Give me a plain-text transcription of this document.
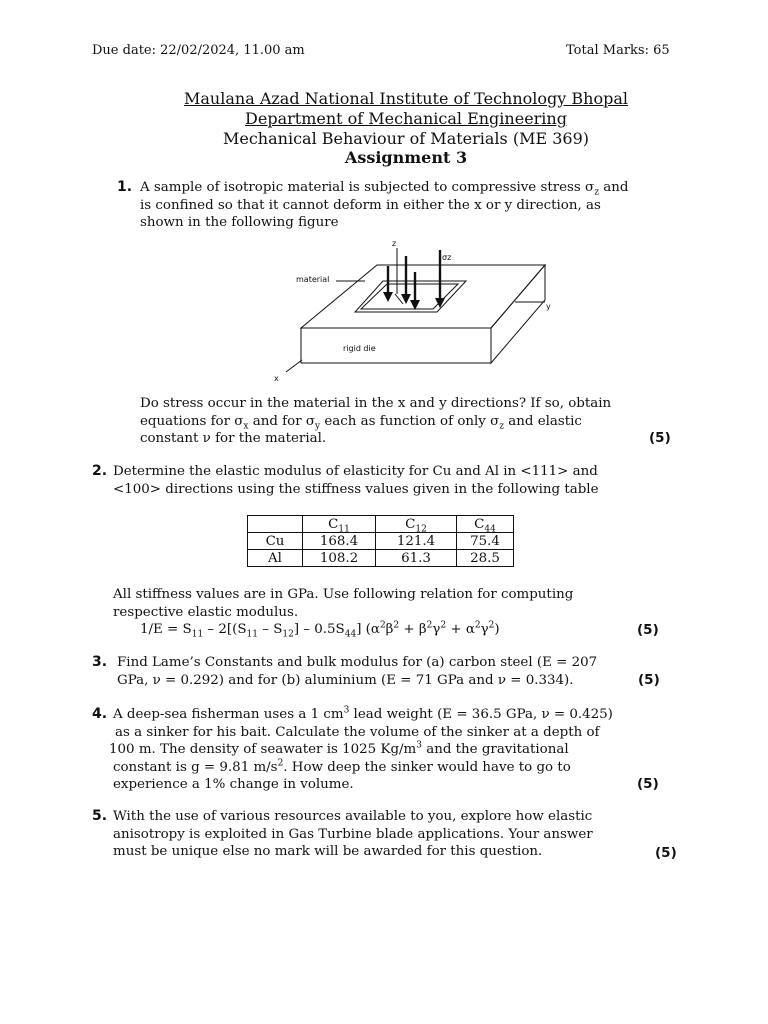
Due date: 22/02/2024, 11.00 am	Total Marks: 65
Maulana Azad National Institute of Technology Bhopal
Department of Mechanical Engineering
Mechanical Behaviour of Materials (ME 369)
Assignment 3
1. A sample of isotropic material is subjected to compressive stress $\sigma_z$ and
is confined so that it cannot deform in either the x or y direction, as
shown in the following figure
z
σz
material
y
x
rigid die
Do stress occur in the material in the x and y directions? If so, obtain
equations for $\sigma_x$ and for $\sigma_y$ each as function of only $\sigma_z$ and elastic
constant ν for the material.	(5)
2. Determine the elastic modulus of elasticity for Cu and Al in <111> and
<100> directions using the stiffness values given in the following table
	$C_{11}$	$C_{12}$	$C_{44}$
Cu	168.4	121.4	75.4
Al	108.2	61.3	28.5
All stiffness values are in GPa. Use following relation for computing
respective elastic modulus.
$1/E = S_{11} - 2[(S_{11} - S_{12}] - 0.5S_{44}]$ $(\alpha^2\beta^2 + \beta^2\gamma^2 + \alpha^2\gamma^2)$	(5)
3. Find Lame’s Constants and bulk modulus for (a) carbon steel (E = 207
GPa, ν = 0.292) and for (b) aluminium (E = 71 GPa and ν = 0.334).	(5)
4. A deep-sea fisherman uses a 1 $cm^3$ lead weight (E = 36.5 GPa, ν = 0.425)
as a sinker for his bait. Calculate the volume of the sinker at a depth of
100 m. The density of seawater is 1025 $Kg/m^3$ and the gravitational
constant is g = 9.81 $m/s^2$. How deep the sinker would have to go to
experience a 1% change in volume.	(5)
5. With the use of various resources available to you, explore how elastic
anisotropy is exploited in Gas Turbine blade applications. Your answer
must be unique else no mark will be awarded for this question.	(5)
